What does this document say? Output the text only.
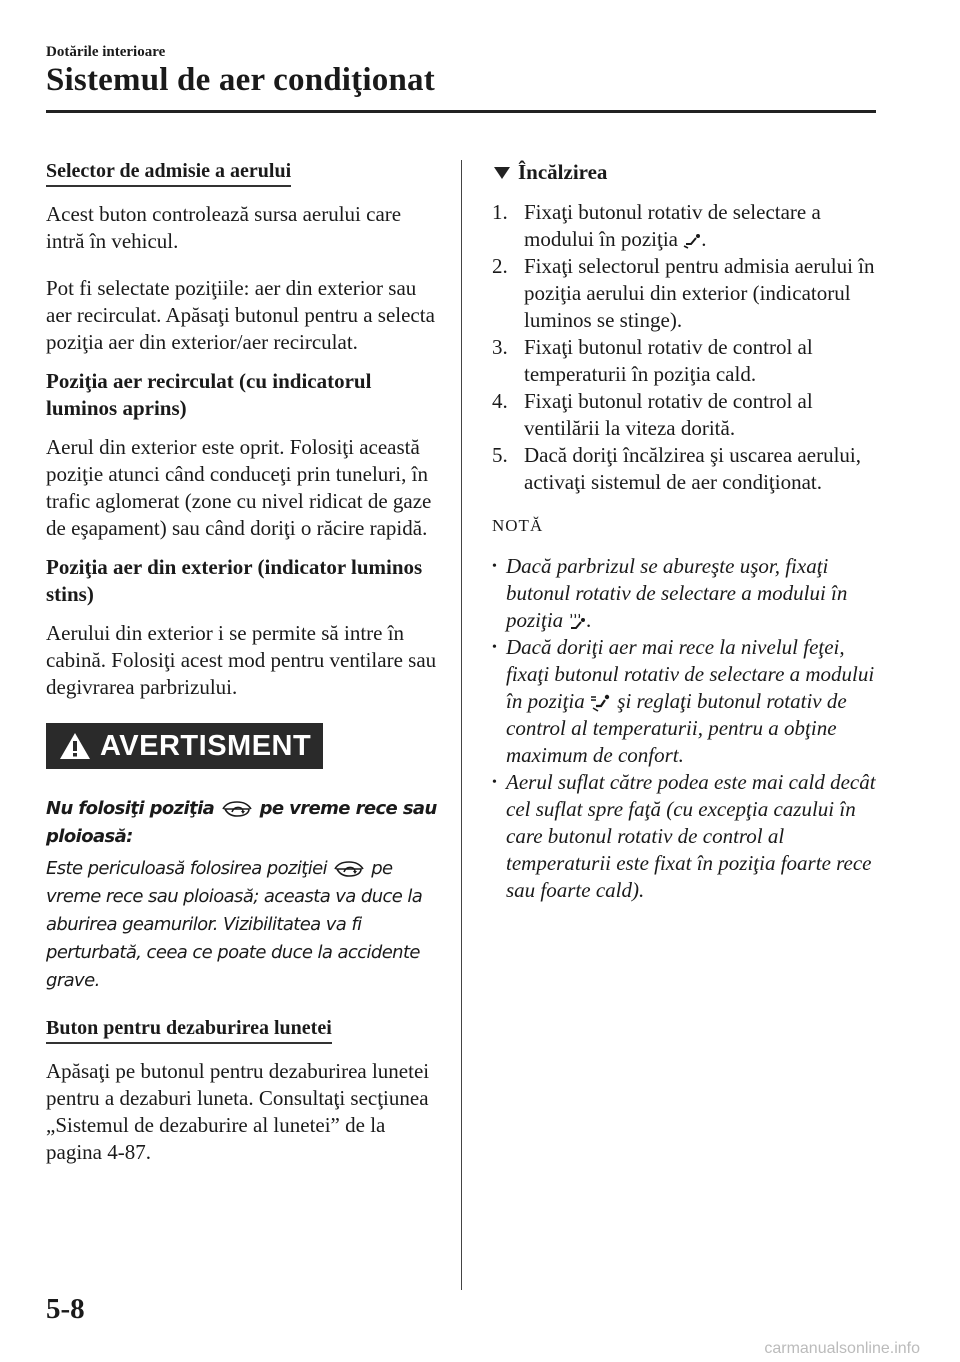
Dotările interioare
Sistemul de aer condiţionat
Selector de admisie a aerului

Acest buton controlează sursa aerului care intră în vehicul.

Pot fi selectate poziţiile: aer din exterior sau aer recirculat. Apăsaţi butonul pentru a selecta poziţia aer din exterior/aer recirculat.

Poziţia aer recirculat (cu indicatorul luminos aprins)

Aerul din exterior este oprit. Folosiţi această poziţie atunci când conduceţi prin tuneluri, în trafic aglomerat (zone cu nivel ridicat de gaze de eşapament) sau când doriţi o răcire rapidă.

Poziţia aer din exterior (indicator luminos stins)

Aerului din exterior i se permite să intre în cabină. Folosiţi acest mod pentru ventilare sau degivrarea parbrizului.

AVERTISMENT
Nu folosiţi poziţia	pe vreme rece sau ploioasă:
Este periculoasă folosirea poziţiei pe vreme rece sau ploioasă; aceasta va duce la aburirea geamurilor. Vizibilitatea va fi perturbată, ceea ce poate duce la accidente grave.
Buton pentru dezaburirea lunetei

Apăsaţi pe butonul pentru dezaburirea lunetei pentru a dezaburi luneta. Consultaţi secţiunea „Sistemul de dezaburire al lunetei” de la pagina 4-87.

Încălzirea
1. Fixaţi butonul rotativ de selectare a modului în poziţia .
2. Fixaţi selectorul pentru admisia aerului în poziţia aerului din exterior (indicatorul luminos se stinge).
3. Fixaţi butonul rotativ de control al temperaturii în poziţia cald.
4. Fixaţi butonul rotativ de control al ventilării la viteza dorită.
5. Dacă doriţi încălzirea şi uscarea aerului, activaţi sistemul de aer condiţionat.

NOTĂ

• Dacă parbrizul se abureşte uşor, fixaţi butonul rotativ de selectare a modului în poziţia .
• Dacă doriţi aer mai rece la nivelul feţei, fixaţi butonul rotativ de selectare a modului în poziţia şi reglaţi butonul rotativ de control al temperaturii, pentru a obţine maximum de confort.
• Aerul suflat către podea este mai cald decât cel suflat spre faţă (cu excepţia cazului în care butonul rotativ de control al temperaturii este fixat în poziţia foarte rece sau foarte cald).
5-8
carmanualsonline.info
